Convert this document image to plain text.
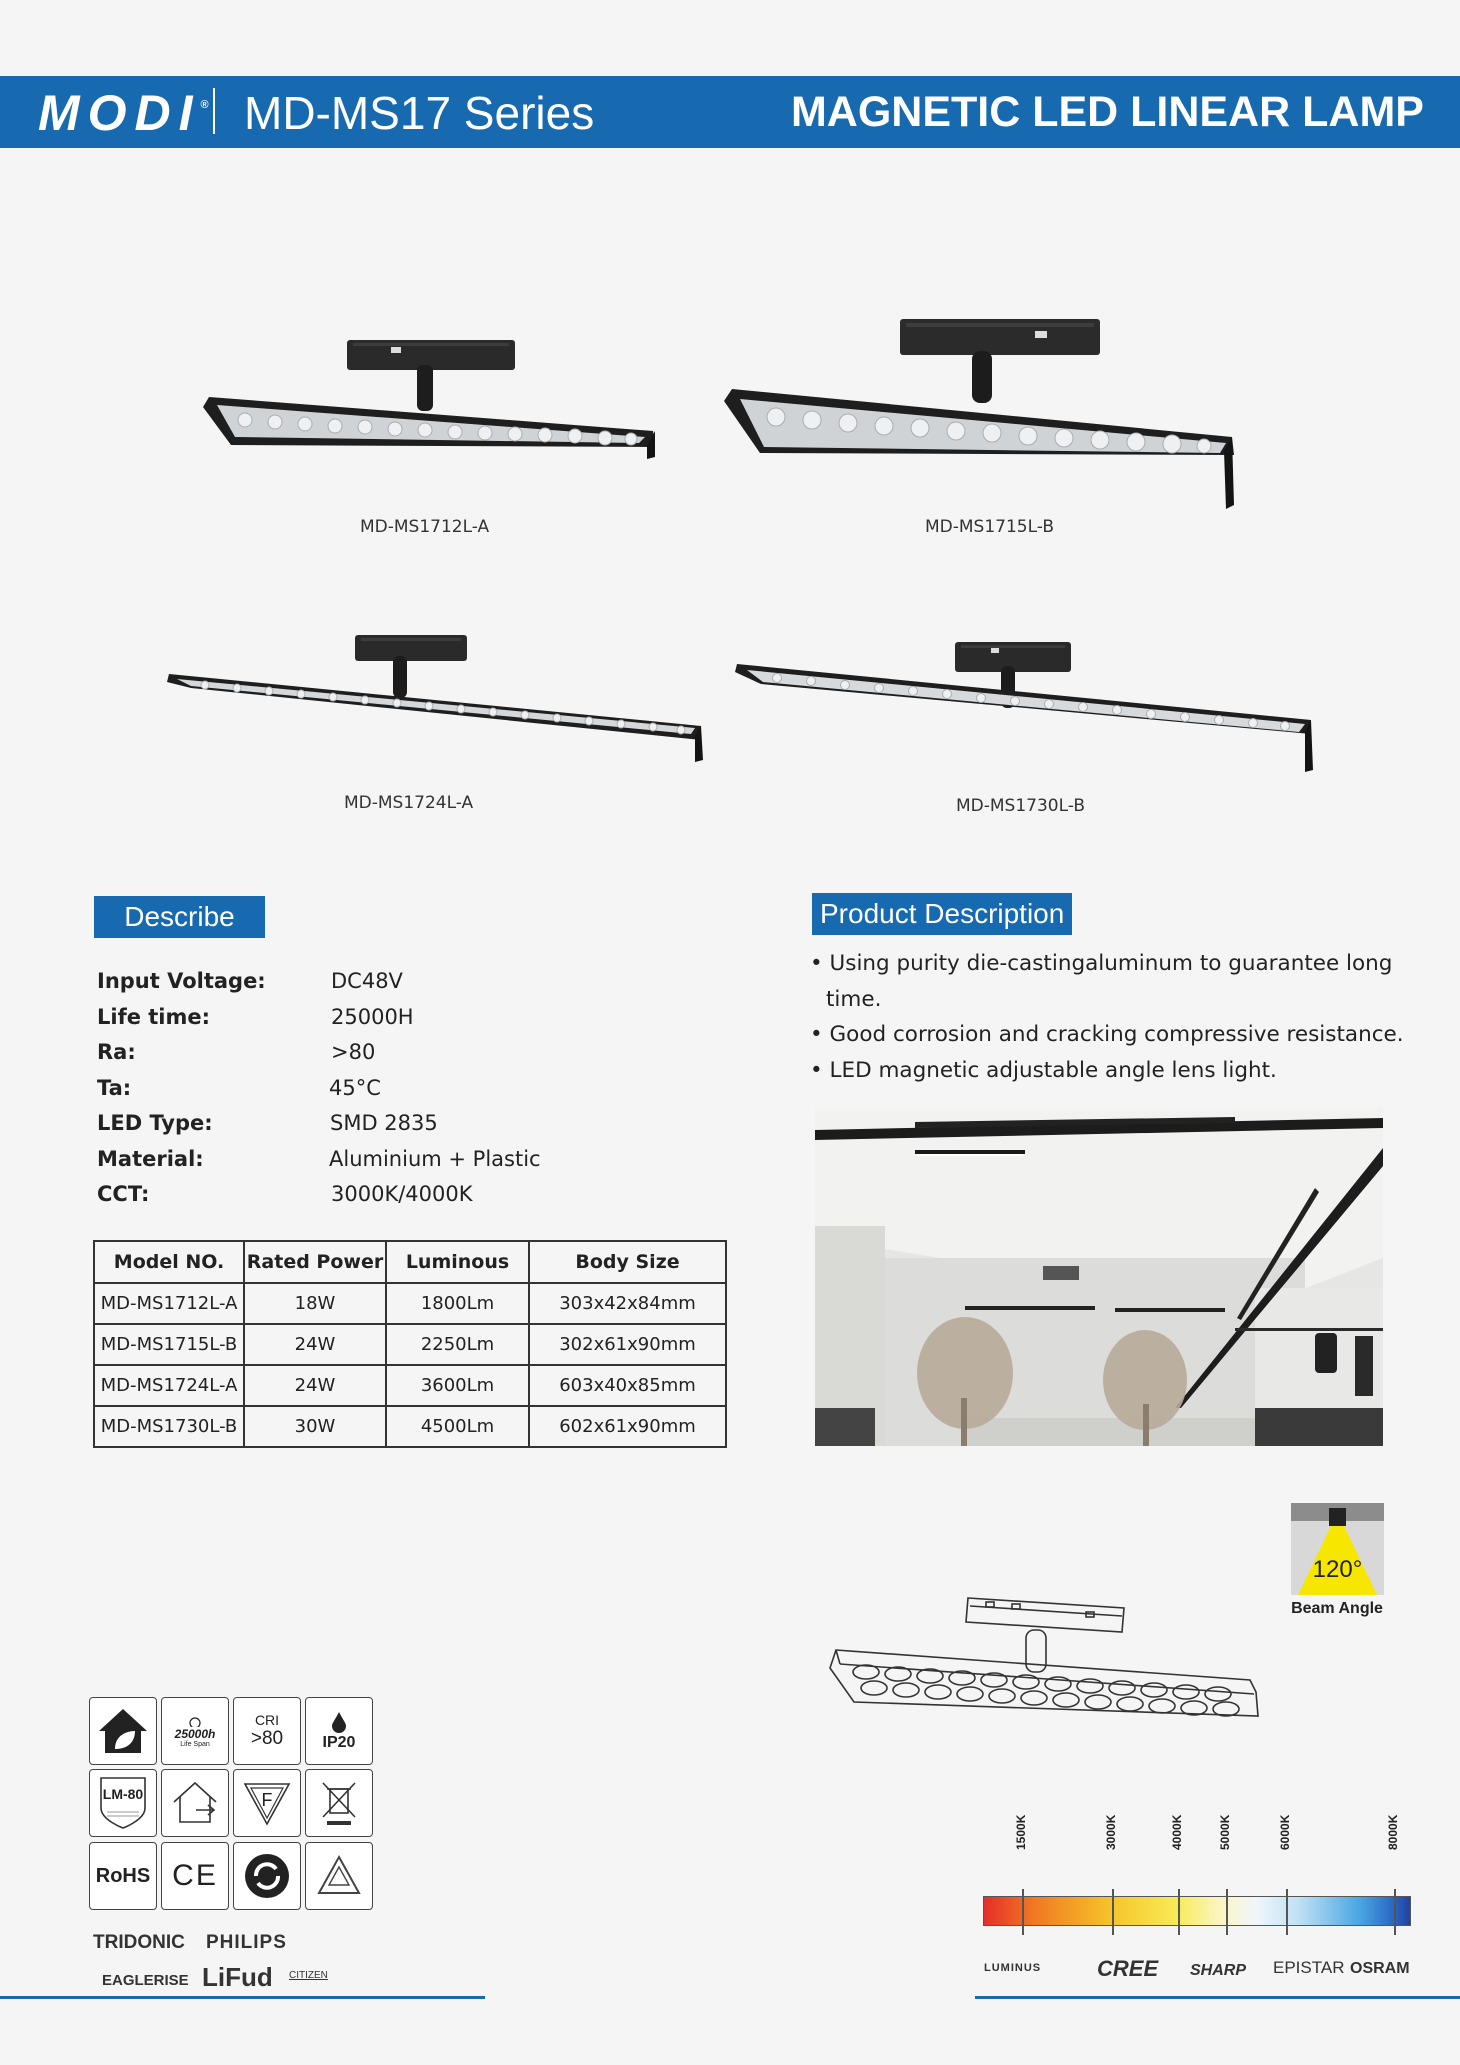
MODI® MD-MS17 Series	MAGNETIC LED LINEAR LAMP
MD-MS1712L-A	MD-MS1715L-B
MD-MS1724L-A	MD-MS1730L-B
Describe
Input Voltage:	DC48V
Life time:	25000H
Ra:	>80
Ta:	45°C
LED Type:	SMD 2835
Material:	Aluminium + Plastic
CCT:	3000K/4000K
Model NO.	Rated Power	Luminous	Body Size
MD-MS1712L-A	18W	1800Lm	303x42x84mm
MD-MS1715L-B	24W	2250Lm	302x61x90mm
MD-MS1724L-A	24W	3600Lm	603x40x85mm
MD-MS1730L-B	30W	4500Lm	602x61x90mm
Product Description
• Using purity die-castingaluminum to guarantee long time.
• Good corrosion and cracking compressive resistance.
• LED magnetic adjustable angle lens light.
120°
Beam Angle
25000h
Life Span
CRI
>80 IP20
LM-80	F
RoHS CE
TRIDONIC PHILIPS
EAGLERISE LiFud CITIZEN
1500K	3000K	4000K	5000K	6000K	8000K
LUMINUS	CREE SHARP EPISTAR OSRAM
